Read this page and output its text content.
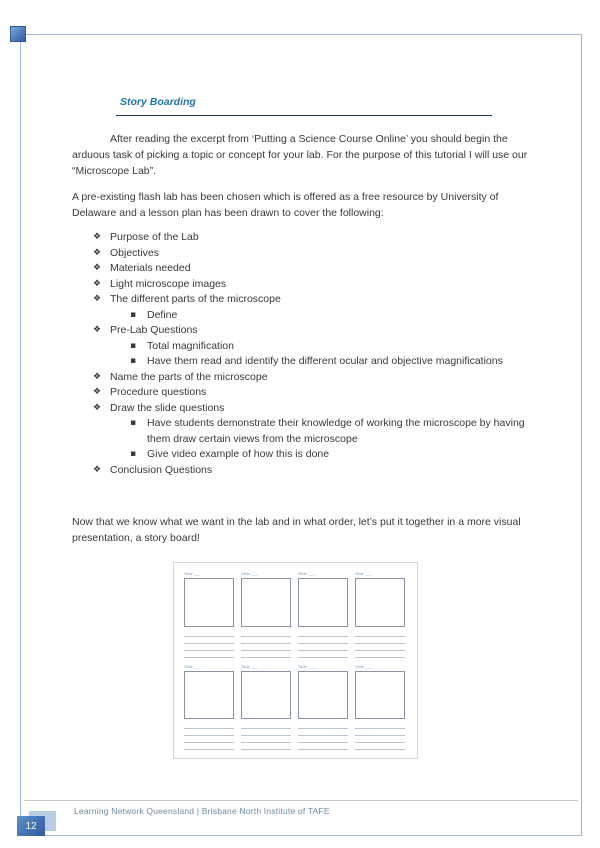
Story Boarding

After reading the excerpt from ‘Putting a Science Course Online’ you should begin the arduous task of picking a topic or concept for your lab. For the purpose of this tutorial I will use our “Microscope Lab”.

A pre-existing flash lab has been chosen which is offered as a free resource by University of Delaware and a lesson plan has been drawn to cover the following:

❖ Purpose of the Lab
❖ Objectives
❖ Materials needed
❖ Light microscope images
❖ The different parts of the microscope
▪	Define
❖ Pre-Lab Questions
▪	Total magnification
▪	Have them read and identify the different ocular and objective magnifications
❖ Name the parts of the microscope
❖ Procedure questions
❖ Draw the slide questions
▪	Have students demonstrate their knowledge of working the microscope by having them draw certain views from the microscope
▪	Give video example of how this is done
❖ Conclusion Questions

Now that we know what we want in the lab and in what order, let’s put it together in a more visual presentation, a story board!

Slide ___	Slide ___	Slide ___	Slide ___
Slide ___	Slide ___	Slide ___	Slide ___
Learning Network Queensland | Brisbane North Institute of TAFE
12
